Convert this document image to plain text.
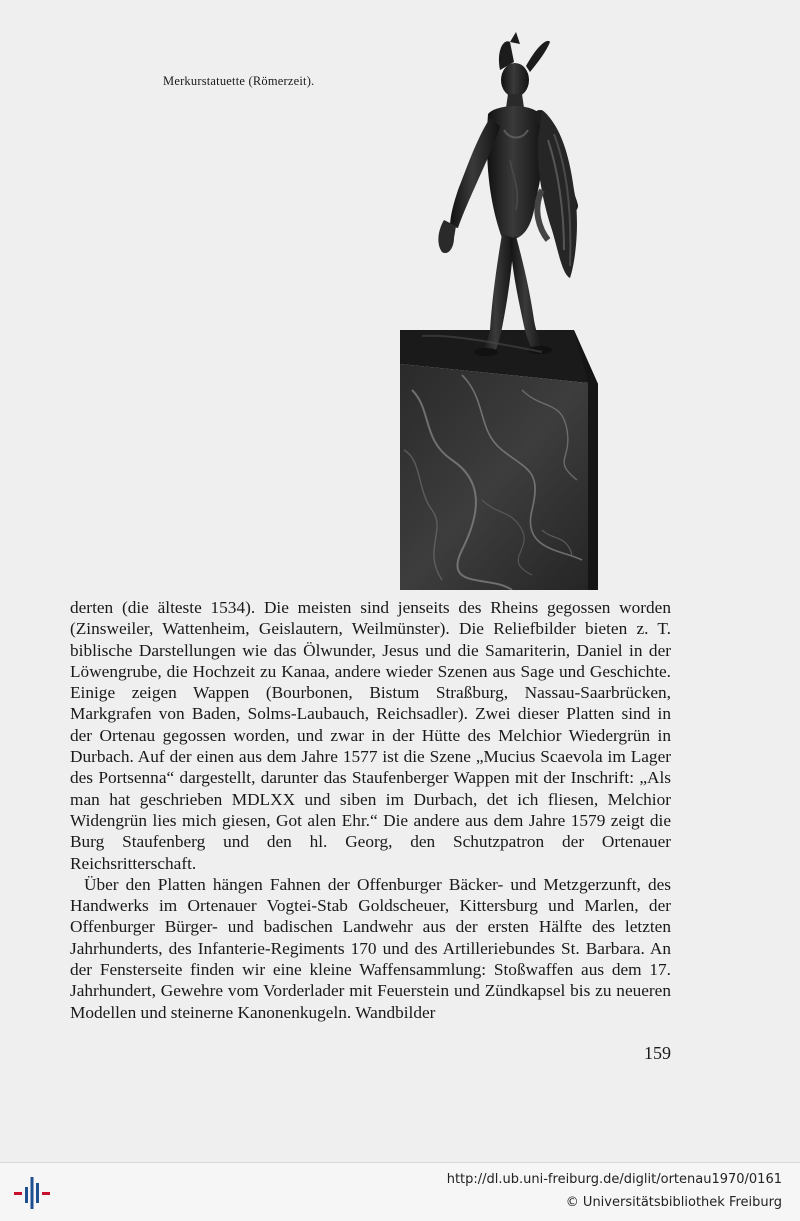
Merkurstatuette (Römerzeit).

derten (die älteste 1534). Die meisten sind jenseits des Rheins gegossen worden (Zinsweiler, Wattenheim, Geislautern, Weilmünster). Die Reliefbilder bieten z. T. biblische Darstellungen wie das Ölwunder, Jesus und die Samariterin, Daniel in der Löwengrube, die Hochzeit zu Kanaa, andere wieder Szenen aus Sage und Geschichte. Einige zeigen Wappen (Bourbonen, Bistum Straßburg, Nassau-Saarbrücken, Markgrafen von Baden, Solms-Laubauch, Reichsadler). Zwei dieser Platten sind in der Ortenau gegossen worden, und zwar in der Hütte des Melchior Wiedergrün in Durbach. Auf der einen aus dem Jahre 1577 ist die Szene „Mucius Scaevola im Lager des Portsenna“ dargestellt, darunter das Staufenberger Wappen mit der Inschrift: „Als man hat geschrieben MDLXX und siben im Durbach, det ich fliesen, Melchior Widengrün lies mich giesen, Got alen Ehr.“ Die andere aus dem Jahre 1579 zeigt die Burg Staufenberg und den hl. Georg, den Schutzpatron der Ortenauer Reichsritterschaft.

Über den Platten hängen Fahnen der Offenburger Bäcker- und Metzgerzunft, des Handwerks im Ortenauer Vogtei-Stab Goldscheuer, Kittersburg und Marlen, der Offenburger Bürger- und badischen Landwehr aus der ersten Hälfte des letzten Jahrhunderts, des Infanterie-Regiments 170 und des Artilleriebundes St. Barbara. An der Fensterseite finden wir eine kleine Waffensammlung: Stoßwaffen aus dem 17. Jahrhundert, Gewehre vom Vorderlader mit Feuerstein und Zündkapsel bis zu neueren Modellen und steinerne Kanonenkugeln. Wandbilder

159
http://dl.ub.uni-freiburg.de/diglit/ortenau1970/0161
© Universitätsbibliothek Freiburg
